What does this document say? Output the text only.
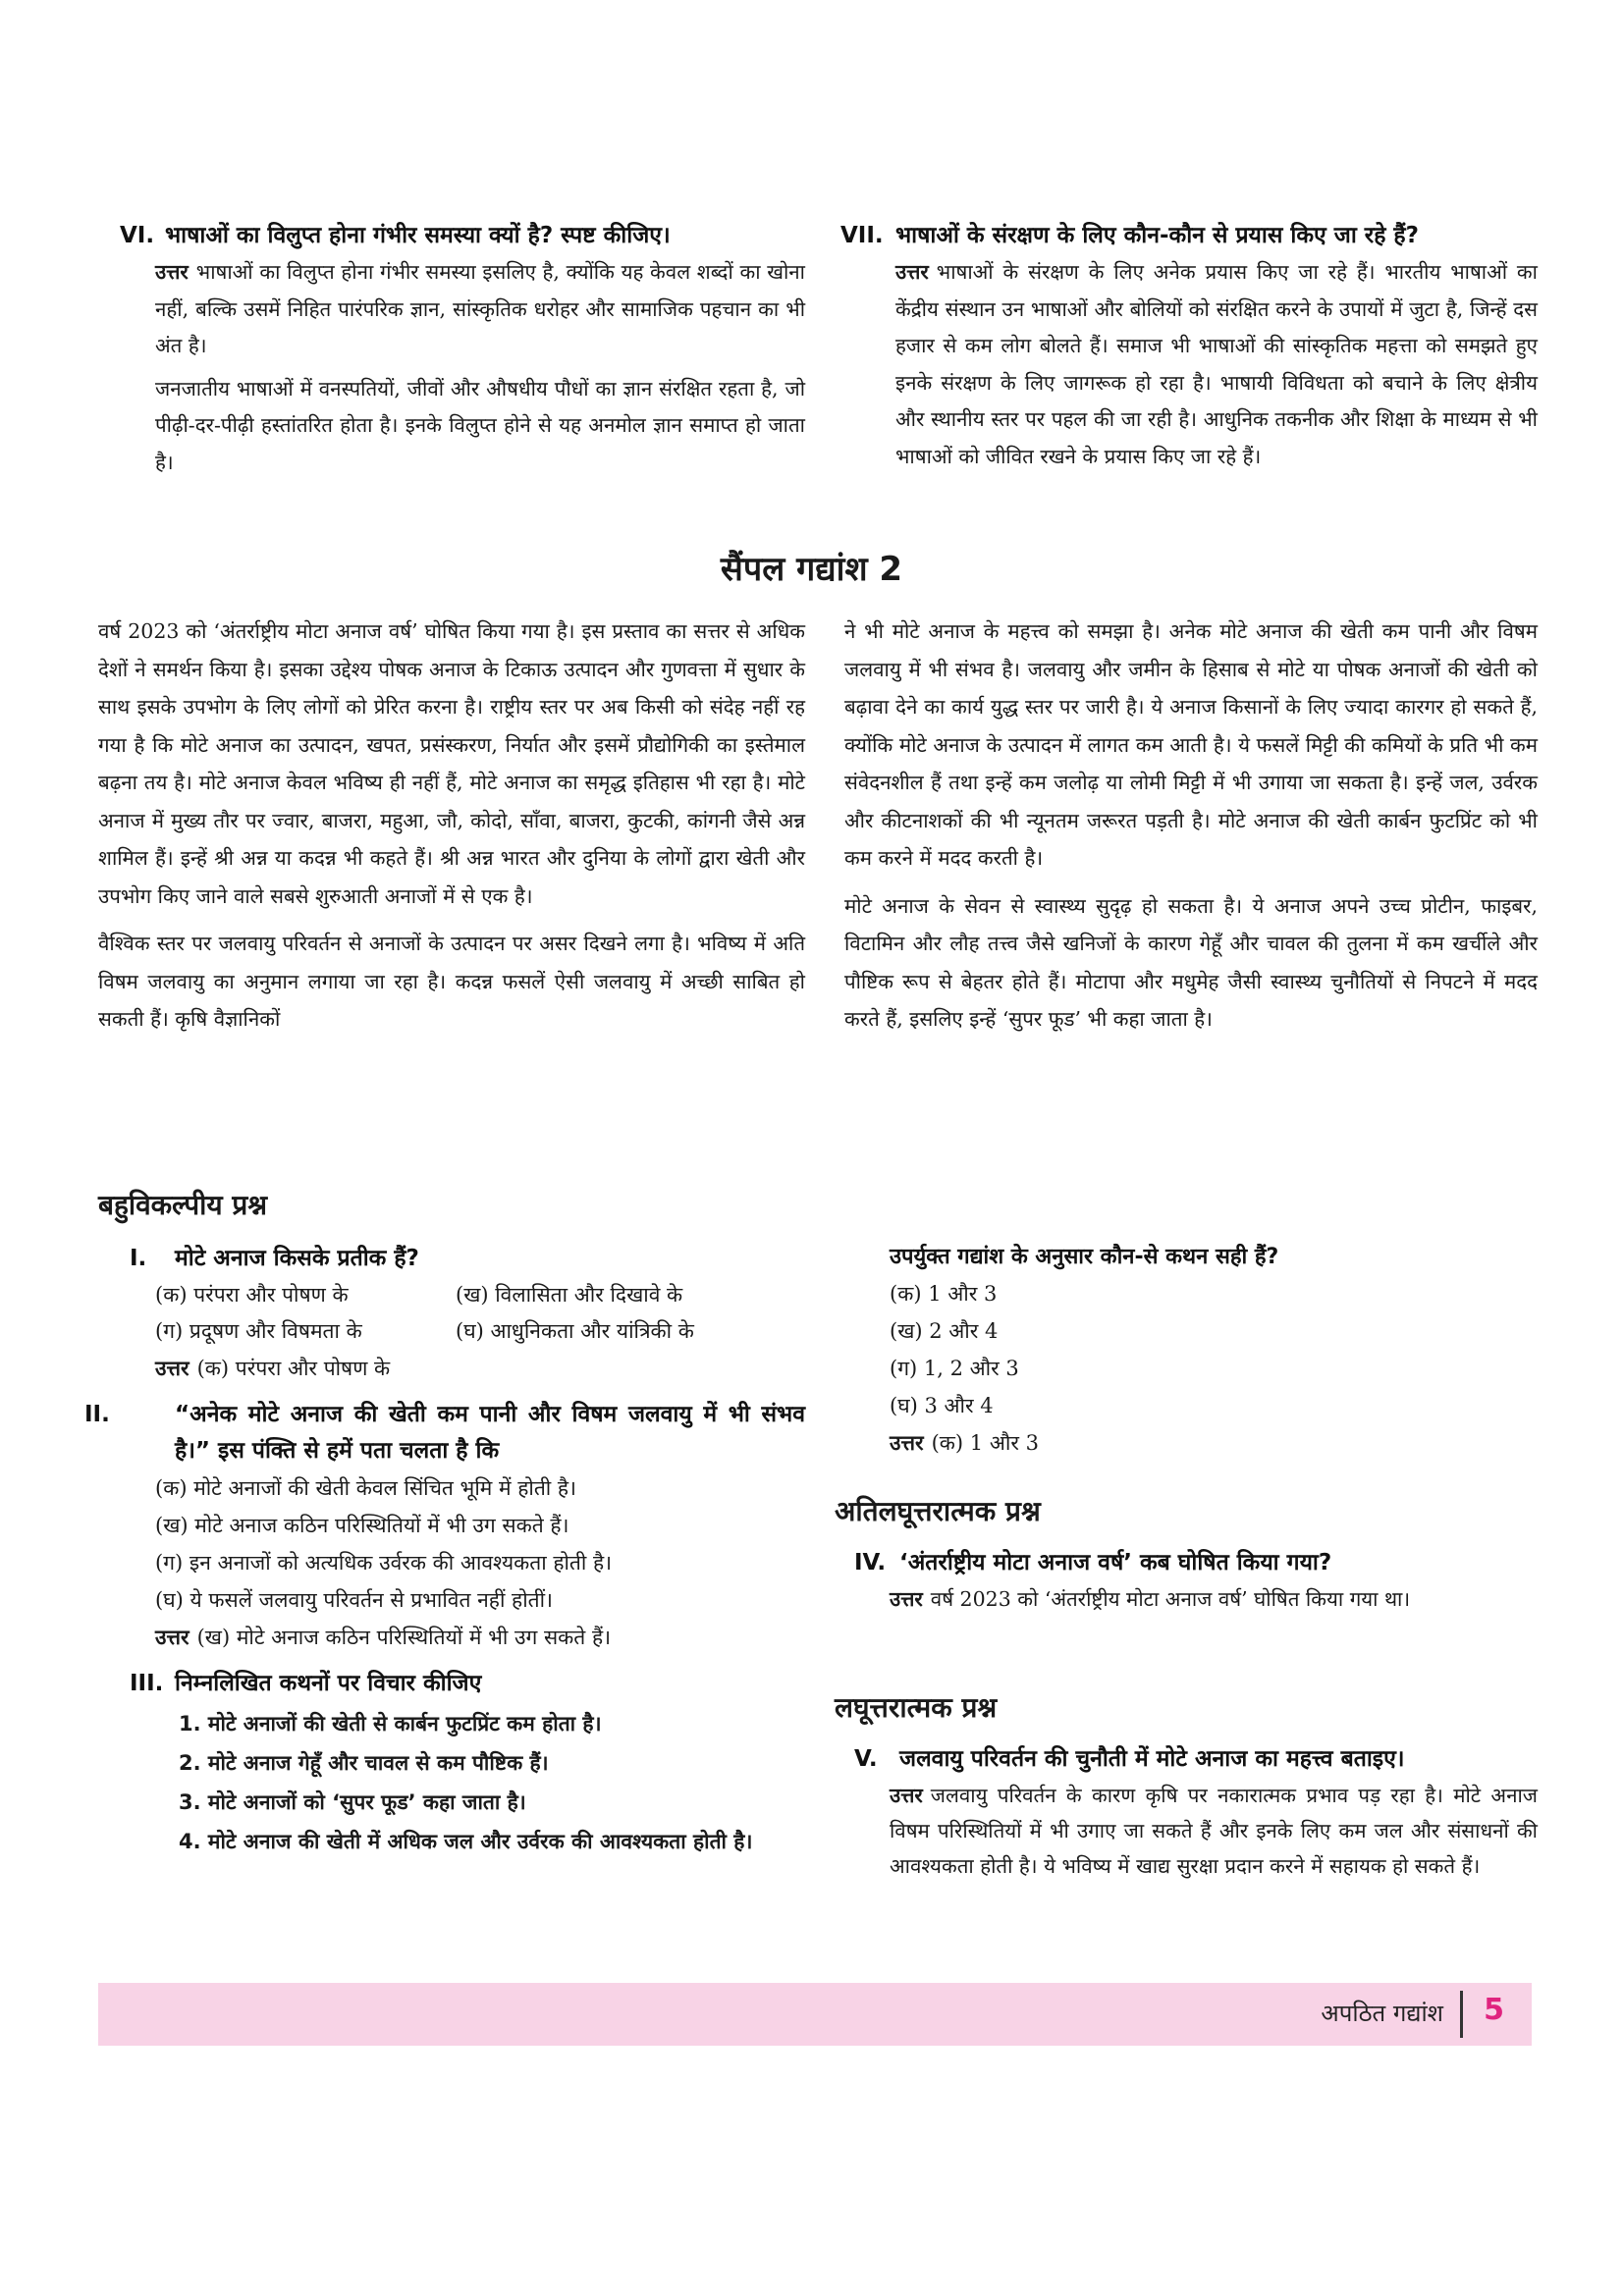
VI. भाषाओं का विलुप्त होना गंभीर समस्या क्यों है? स्पष्ट कीजिए।

उत्तर भाषाओं का विलुप्त होना गंभीर समस्या इसलिए है, क्योंकि यह केवल शब्दों का खोना नहीं, बल्कि उसमें निहित पारंपरिक ज्ञान, सांस्कृतिक धरोहर और सामाजिक पहचान का भी अंत है।

जनजातीय भाषाओं में वनस्पतियों, जीवों और औषधीय पौधों का ज्ञान संरक्षित रहता है, जो पीढ़ी-दर-पीढ़ी हस्तांतरित होता है। इनके विलुप्त होने से यह अनमोल ज्ञान समाप्त हो जाता है।

VII. भाषाओं के संरक्षण के लिए कौन-कौन से प्रयास किए जा रहे हैं?

उत्तर भाषाओं के संरक्षण के लिए अनेक प्रयास किए जा रहे हैं। भारतीय भाषाओं का केंद्रीय संस्थान उन भाषाओं और बोलियों को संरक्षित करने के उपायों में जुटा है, जिन्हें दस हजार से कम लोग बोलते हैं। समाज भी भाषाओं की सांस्कृतिक महत्ता को समझते हुए इनके संरक्षण के लिए जागरूक हो रहा है। भाषायी विविधता को बचाने के लिए क्षेत्रीय और स्थानीय स्तर पर पहल की जा रही है। आधुनिक तकनीक और शिक्षा के माध्यम से भी भाषाओं को जीवित रखने के प्रयास किए जा रहे हैं।

सैंपल गद्यांश 2

वर्ष 2023 को ‘अंतर्राष्ट्रीय मोटा अनाज वर्ष’ घोषित किया गया है। इस प्रस्ताव का सत्तर से अधिक देशों ने समर्थन किया है। इसका उद्देश्य पोषक अनाज के टिकाऊ उत्पादन और गुणवत्ता में सुधार के साथ इसके उपभोग के लिए लोगों को प्रेरित करना है। राष्ट्रीय स्तर पर अब किसी को संदेह नहीं रह गया है कि मोटे अनाज का उत्पादन, खपत, प्रसंस्करण, निर्यात और इसमें प्रौद्योगिकी का इस्तेमाल बढ़ना तय है। मोटे अनाज केवल भविष्य ही नहीं हैं, मोटे अनाज का समृद्ध इतिहास भी रहा है। मोटे अनाज में मुख्य तौर पर ज्वार, बाजरा, महुआ, जौ, कोदो, साँवा, बाजरा, कुटकी, कांगनी जैसे अन्न शामिल हैं। इन्हें श्री अन्न या कदन्न भी कहते हैं। श्री अन्न भारत और दुनिया के लोगों द्वारा खेती और उपभोग किए जाने वाले सबसे शुरुआती अनाजों में से एक है।

वैश्विक स्तर पर जलवायु परिवर्तन से अनाजों के उत्पादन पर असर दिखने लगा है। भविष्य में अति विषम जलवायु का अनुमान लगाया जा रहा है। कदन्न फसलें ऐसी जलवायु में अच्छी साबित हो सकती हैं। कृषि वैज्ञानिकों

ने भी मोटे अनाज के महत्त्व को समझा है। अनेक मोटे अनाज की खेती कम पानी और विषम जलवायु में भी संभव है। जलवायु और जमीन के हिसाब से मोटे या पोषक अनाजों की खेती को बढ़ावा देने का कार्य युद्ध स्तर पर जारी है। ये अनाज किसानों के लिए ज्यादा कारगर हो सकते हैं, क्योंकि मोटे अनाज के उत्पादन में लागत कम आती है। ये फसलें मिट्टी की कमियों के प्रति भी कम संवेदनशील हैं तथा इन्हें कम जलोढ़ या लोमी मिट्टी में भी उगाया जा सकता है। इन्हें जल, उर्वरक और कीटनाशकों की भी न्यूनतम जरूरत पड़ती है। मोटे अनाज की खेती कार्बन फुटप्रिंट को भी कम करने में मदद करती है।

मोटे अनाज के सेवन से स्वास्थ्य सुदृढ़ हो सकता है। ये अनाज अपने उच्च प्रोटीन, फाइबर, विटामिन और लौह तत्त्व जैसे खनिजों के कारण गेहूँ और चावल की तुलना में कम खर्चीले और पौष्टिक रूप से बेहतर होते हैं। मोटापा और मधुमेह जैसी स्वास्थ्य चुनौतियों से निपटने में मदद करते हैं, इसलिए इन्हें ‘सुपर फूड’ भी कहा जाता है।

बहुविकल्पीय प्रश्न

I. मोटे अनाज किसके प्रतीक हैं?

(क) परंपरा और पोषण के	(ख) विलासिता और दिखावे के
(ग) प्रदूषण और विषमता के	(घ) आधुनिकता और यांत्रिकी के

उत्तर (क) परंपरा और पोषण के

II.	“अनेक मोटे अनाज की खेती कम पानी और विषम जलवायु में भी संभव है।” इस पंक्ति से हमें पता चलता है कि

(क) मोटे अनाजों की खेती केवल सिंचित भूमि में होती है।

(ख) मोटे अनाज कठिन परिस्थितियों में भी उग सकते हैं।

(ग) इन अनाजों को अत्यधिक उर्वरक की आवश्यकता होती है।

(घ) ये फसलें जलवायु परिवर्तन से प्रभावित नहीं होतीं।

उत्तर (ख) मोटे अनाज कठिन परिस्थितियों में भी उग सकते हैं।

III. निम्नलिखित कथनों पर विचार कीजिए

1. मोटे अनाजों की खेती से कार्बन फुटप्रिंट कम होता है।

2. मोटे अनाज गेहूँ और चावल से कम पौष्टिक हैं।

3. मोटे अनाजों को ‘सुपर फूड’ कहा जाता है।

4. मोटे अनाज की खेती में अधिक जल और उर्वरक की आवश्यकता होती है।

उपर्युक्त गद्यांश के अनुसार कौन-से कथन सही हैं?

(क) 1 और 3

(ख) 2 और 4

(ग) 1, 2 और 3

(घ) 3 और 4

उत्तर (क) 1 और 3

अतिलघूत्तरात्मक प्रश्न

IV. ‘अंतर्राष्ट्रीय मोटा अनाज वर्ष’ कब घोषित किया गया?

उत्तर वर्ष 2023 को ‘अंतर्राष्ट्रीय मोटा अनाज वर्ष’ घोषित किया गया था।

लघूत्तरात्मक प्रश्न

V. जलवायु परिवर्तन की चुनौती में मोटे अनाज का महत्त्व बताइए।

उत्तर जलवायु परिवर्तन के कारण कृषि पर नकारात्मक प्रभाव पड़ रहा है। मोटे अनाज विषम परिस्थितियों में भी उगाए जा सकते हैं और इनके लिए कम जल और संसाधनों की आवश्यकता होती है। ये भविष्य में खाद्य सुरक्षा प्रदान करने में सहायक हो सकते हैं।

अपठित गद्यांश 5
